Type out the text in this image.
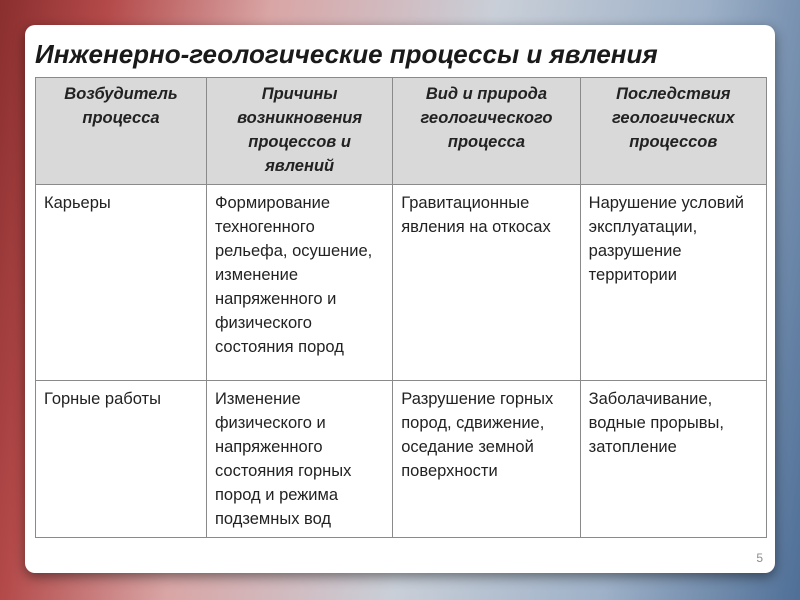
Инженерно-геологические процессы и явления
Возбудитель процесса	Причины возникновения процессов и явлений	Вид и природа геологического процесса	Последствия геологических процессов
Карьеры	Формирование техногенного рельефа, осушение, изменение напряженного и физического состояния пород	Гравитационные явления на откосах	Нарушение условий эксплуатации, разрушение территории
Горные работы	Изменение физического и напряженного состояния горных пород и режима подземных вод	Разрушение горных пород, сдвижение, оседание земной поверхности	Заболачивание, водные прорывы, затопление
5
